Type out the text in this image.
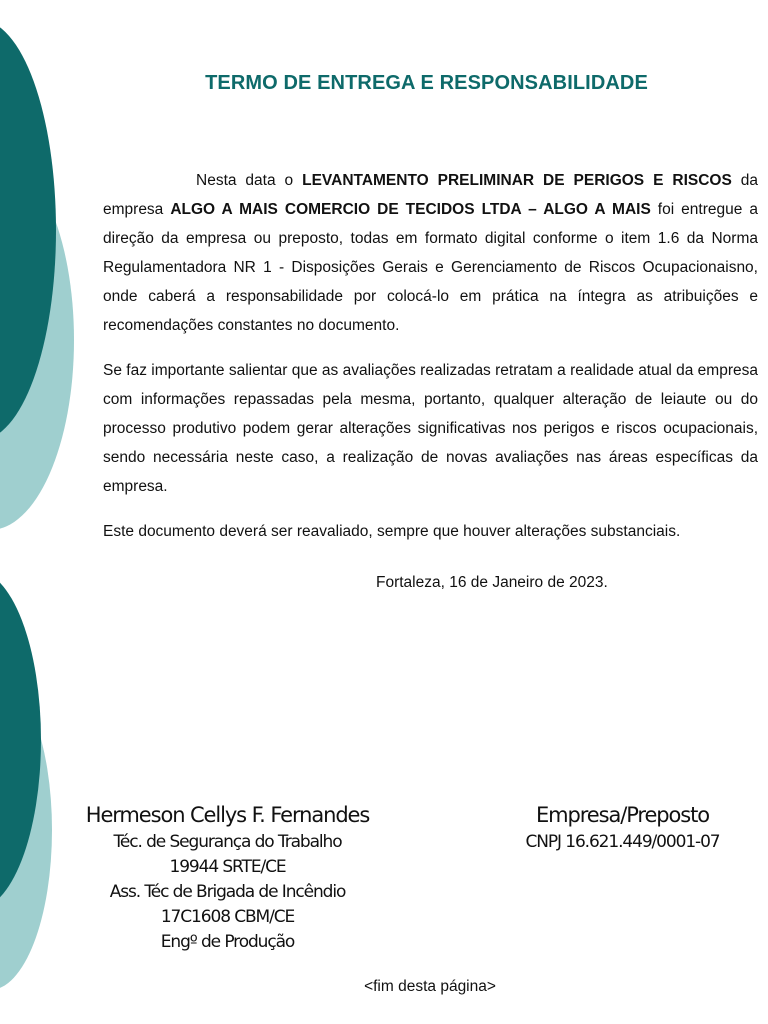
TERMO DE ENTREGA E RESPONSABILIDADE

Nesta data o LEVANTAMENTO PRELIMINAR DE PERIGOS E RISCOS da empresa ALGO A MAIS COMERCIO DE TECIDOS LTDA – ALGO A MAIS foi entregue a direção da empresa ou preposto, todas em formato digital conforme o item 1.6 da Norma Regulamentadora NR 1 - Disposições Gerais e Gerenciamento de Riscos Ocupacionaisno, onde caberá a responsabilidade por colocá-lo em prática na íntegra as atribuições e recomendações constantes no documento.

Se faz importante salientar que as avaliações realizadas retratam a realidade atual da empresa com informações repassadas pela mesma, portanto, qualquer alteração de leiaute ou do processo produtivo podem gerar alterações significativas nos perigos e riscos ocupacionais, sendo necessária neste caso, a realização de novas avaliações nas áreas específicas da empresa.

Este documento deverá ser reavaliado, sempre que houver alterações substanciais.

Fortaleza, 16 de Janeiro de 2023.
Hermeson Cellys F. Fernandes
Téc. de Segurança do Trabalho
19944 SRTE/CE
Ass. Téc de Brigada de Incêndio
17C1608 CBM/CE
Engº de Produção
Empresa/Preposto
CNPJ 16.621.449/0001-07
<fim desta página>
